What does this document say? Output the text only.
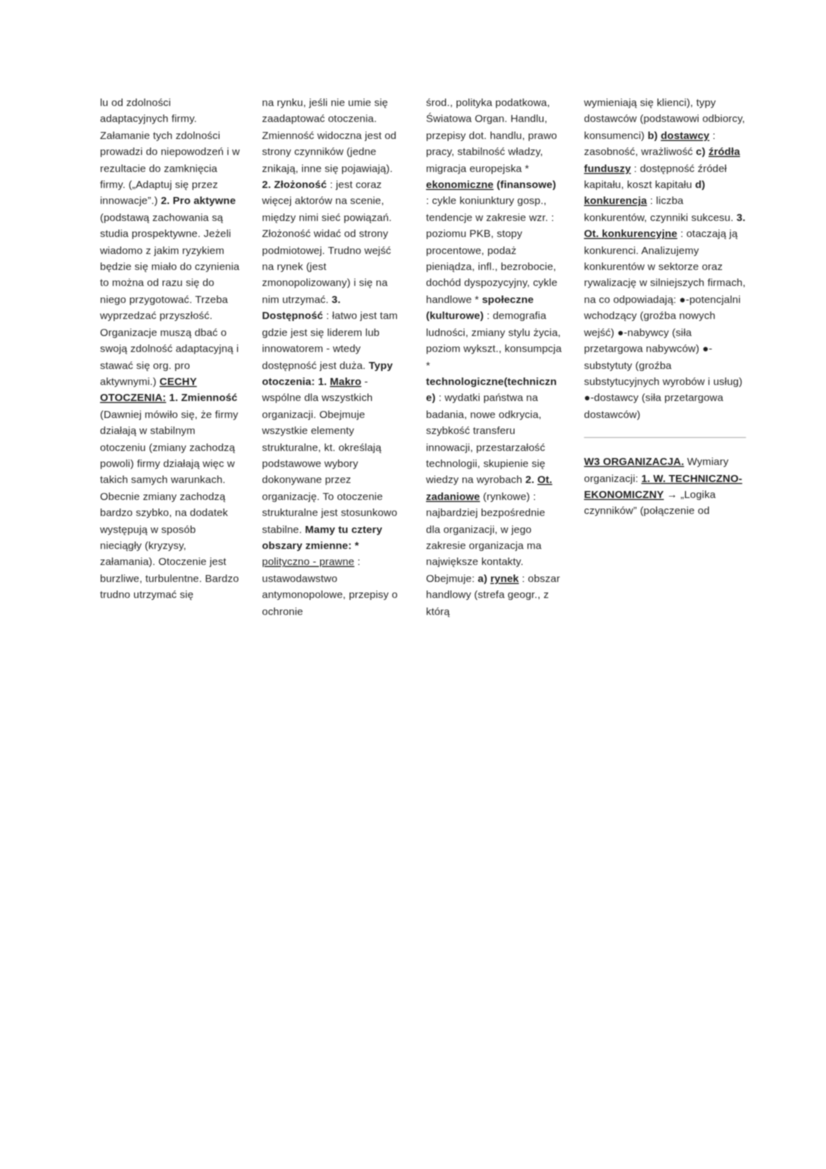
lu od zdolności adaptacyjnych firmy. Załamanie tych zdolności prowadzi do niepowodzeń i w rezultacie do zamknięcia firmy. („Adaptuj się przez innowacje”.) 2. Pro aktywne (podstawą zachowania są studia prospektywne. Jeżeli wiadomo z jakim ryzykiem będzie się miało do czynienia to można od razu się do niego przygotować. Trzeba wyprzedzać przyszłość. Organizacje muszą dbać o swoją zdolność adaptacyjną i stawać się org. pro aktywnymi.) CECHY OTOCZENIA: 1. Zmienność (Dawniej mówiło się, że firmy działają w stabilnym otoczeniu (zmiany zachodzą powoli) firmy działają więc w takich samych warunkach. Obecnie zmiany zachodzą bardzo szybko, na dodatek występują w sposób nieciągły (kryzysy, załamania). Otoczenie jest burzliwe, turbulentne. Bardzo trudno utrzymać się
na rynku, jeśli nie umie się zaadaptować otoczenia. Zmienność widoczna jest od strony czynników (jedne znikają, inne się pojawiają). 2. Złożoność : jest coraz więcej aktorów na scenie, między nimi sieć powiązań. Złożoność widać od strony podmiotowej. Trudno wejść na rynek (jest zmonopolizowany) i się na nim utrzymać. 3. Dostępność : łatwo jest tam gdzie jest się liderem lub innowatorem - wtedy dostępność jest duża. Typy otoczenia: 1. Makro - wspólne dla wszystkich organizacji. Obejmuje wszystkie elementy strukturalne, kt. określają podstawowe wybory dokonywane przez organizację. To otoczenie strukturalne jest stosunkowo stabilne. Mamy tu cztery obszary zmienne: * polityczno - prawne : ustawodawstwo antymonopolowe, przepisy o ochronie
środ., polityka podatkowa, Światowa Organ. Handlu, przepisy dot. handlu, prawo pracy, stabilność władzy, migracja europejska * ekonomiczne (finansowe) : cykle koniunktury gosp., tendencje w zakresie wzr. : poziomu PKB, stopy procentowe, podaż pieniądza, infl., bezrobocie, dochód dyspozycyjny, cykle handlowe * społeczne (kulturowe) : demografia ludności, zmiany stylu życia, poziom wykszt., konsumpcja * technologiczne(techniczne) : wydatki państwa na badania, nowe odkrycia, szybkość transferu innowacji, przestarzałość technologii, skupienie się wiedzy na wyrobach 2. Ot. zadaniowe (rynkowe) : najbardziej bezpośrednie dla organizacji, w jego zakresie organizacja ma największe kontakty. Obejmuje: a) rynek : obszar handlowy (strefa geogr., z którą
wymieniają się klienci), typy dostawców (podstawowi odbiorcy, konsumenci) b) dostawcy : zasobność, wrażliwość c) źródła funduszy : dostępność źródeł kapitału, koszt kapitału d) konkurencja : liczba konkurentów, czynniki sukcesu. 3. Ot. konkurencyjne : otaczają ją konkurenci. Analizujemy konkurentów w sektorze oraz rywalizację w silniejszych firmach, na co odpowiadają: ●-potencjalni wchodzący (groźba nowych wejść) ●-nabywcy (siła przetargowa nabywców) ●-substytuty (groźba substytucyjnych wyrobów i usług) ●-dostawcy (siła przetargowa dostawców)
W3 ORGANIZACJA. Wymiary organizacji: 1. W. TECHNICZNO-EKONOMICZNY → „Logika czynników” (połączenie od
